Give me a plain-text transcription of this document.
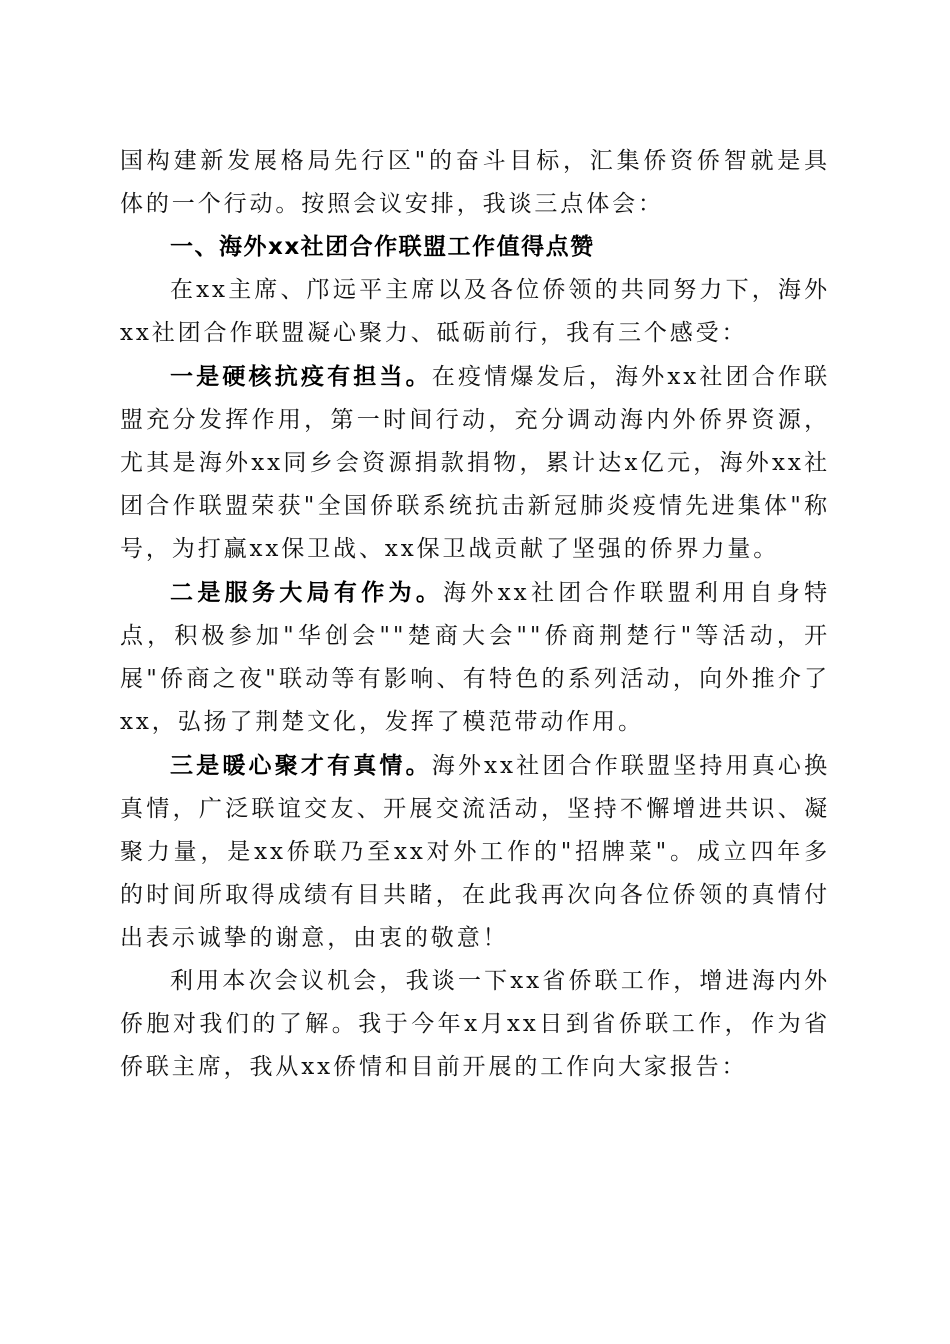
国构建新发展格局先行区"的奋斗目标，汇集侨资侨智就是具体的一个行动。按照会议安排，我谈三点体会：

一、海外xx社团合作联盟工作值得点赞

在xx主席、邝远平主席以及各位侨领的共同努力下，海外xx社团合作联盟凝心聚力、砥砺前行，我有三个感受：

一是硬核抗疫有担当。在疫情爆发后，海外xx社团合作联盟充分发挥作用，第一时间行动，充分调动海内外侨界资源，尤其是海外xx同乡会资源捐款捐物，累计达x亿元，海外xx社团合作联盟荣获"全国侨联系统抗击新冠肺炎疫情先进集体"称号，为打赢xx保卫战、xx保卫战贡献了坚强的侨界力量。

二是服务大局有作为。海外xx社团合作联盟利用自身特点，积极参加"华创会""楚商大会""侨商荆楚行"等活动，开展"侨商之夜"联动等有影响、有特色的系列活动，向外推介了xx，弘扬了荆楚文化，发挥了模范带动作用。

三是暖心聚才有真情。海外xx社团合作联盟坚持用真心换真情，广泛联谊交友、开展交流活动，坚持不懈增进共识、凝聚力量，是xx侨联乃至xx对外工作的"招牌菜"。成立四年多的时间所取得成绩有目共睹，在此我再次向各位侨领的真情付出表示诚挚的谢意，由衷的敬意！

利用本次会议机会，我谈一下xx省侨联工作，增进海内外侨胞对我们的了解。我于今年x月xx日到省侨联工作，作为省侨联主席，我从xx侨情和目前开展的工作向大家报告：
